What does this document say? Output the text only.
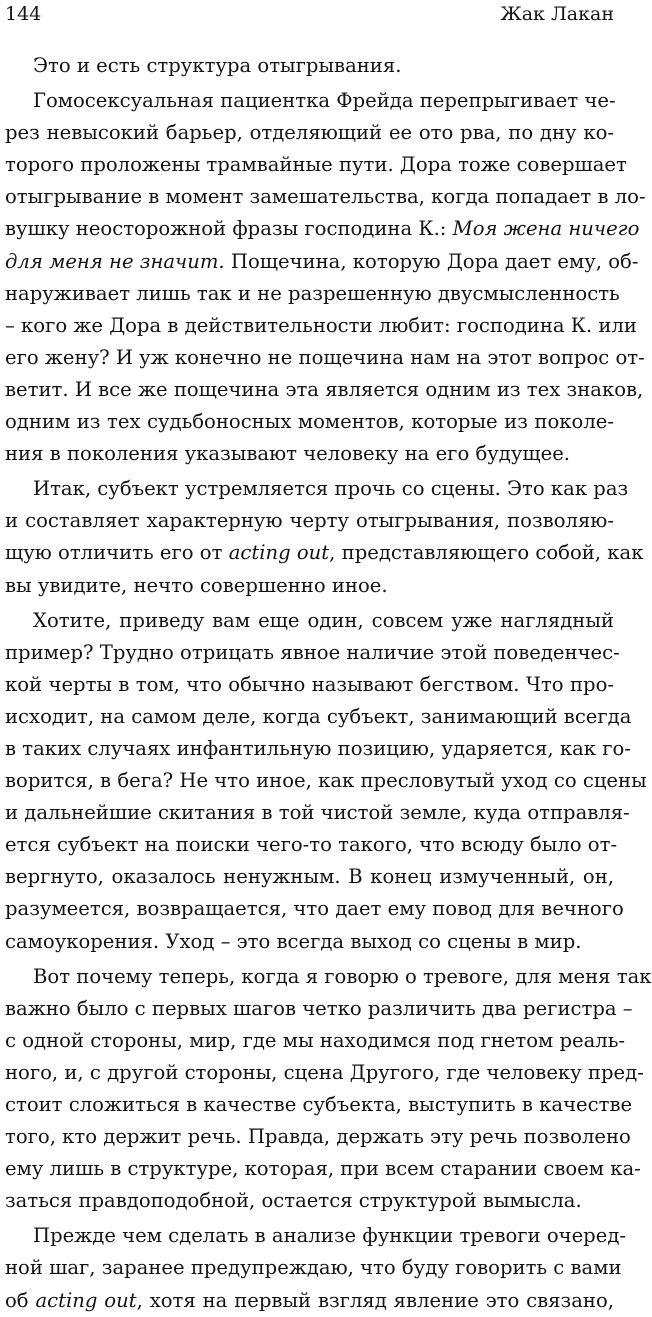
144	Жак Лакан
Это и есть структура отыгрывания.
Гомосексуальная пациентка Фрейда перепрыгивает че-
рез невысокий барьер, отделяющий ее ото рва, по дну ко-
торого проложены трамвайные пути. Дора тоже совершает
отыгрывание в момент замешательства, когда попадает в ло-
вушку неосторожной фразы господина К.: Моя жена ничего
для меня не значит. Пощечина, которую Дора дает ему, об-
наруживает лишь так и не разрешенную двусмысленность
– кого же Дора в действительности любит: господина К. или
его жену? И уж конечно не пощечина нам на этот вопрос от-
ветит. И все же пощечина эта является одним из тех знаков,
одним из тех судьбоносных моментов, которые из поколе-
ния в поколения указывают человеку на его будущее.
Итак, субъект устремляется прочь со сцены. Это как раз
и составляет характерную черту отыгрывания, позволяю-
щую отличить его от acting out, представляющего собой, как
вы увидите, нечто совершенно иное.
Хотите, приведу вам еще один, совсем уже наглядный
пример? Трудно отрицать явное наличие этой поведенчес-
кой черты в том, что обычно называют бегством. Что про-
исходит, на самом деле, когда субъект, занимающий всегда
в таких случаях инфантильную позицию, ударяется, как го-
ворится, в бега? Не что иное, как пресловутый уход со сцены
и дальнейшие скитания в той чистой земле, куда отправля-
ется субъект на поиски чего-то такого, что всюду было от-
вергнуто, оказалось ненужным. В конец измученный, он,
разумеется, возвращается, что дает ему повод для вечного
самоукорения. Уход – это всегда выход со сцены в мир.
Вот почему теперь, когда я говорю о тревоге, для меня так
важно было с первых шагов четко различить два регистра –
с одной стороны, мир, где мы находимся под гнетом реаль-
ного, и, с другой стороны, сцена Другого, где человеку пред-
стоит сложиться в качестве субъекта, выступить в качестве
того, кто держит речь. Правда, держать эту речь позволено
ему лишь в структуре, которая, при всем старании своем ка-
заться правдоподобной, остается структурой вымысла.
Прежде чем сделать в анализе функции тревоги очеред-
ной шаг, заранее предупреждаю, что буду говорить с вами
об acting out, хотя на первый взгляд явление это связано,
